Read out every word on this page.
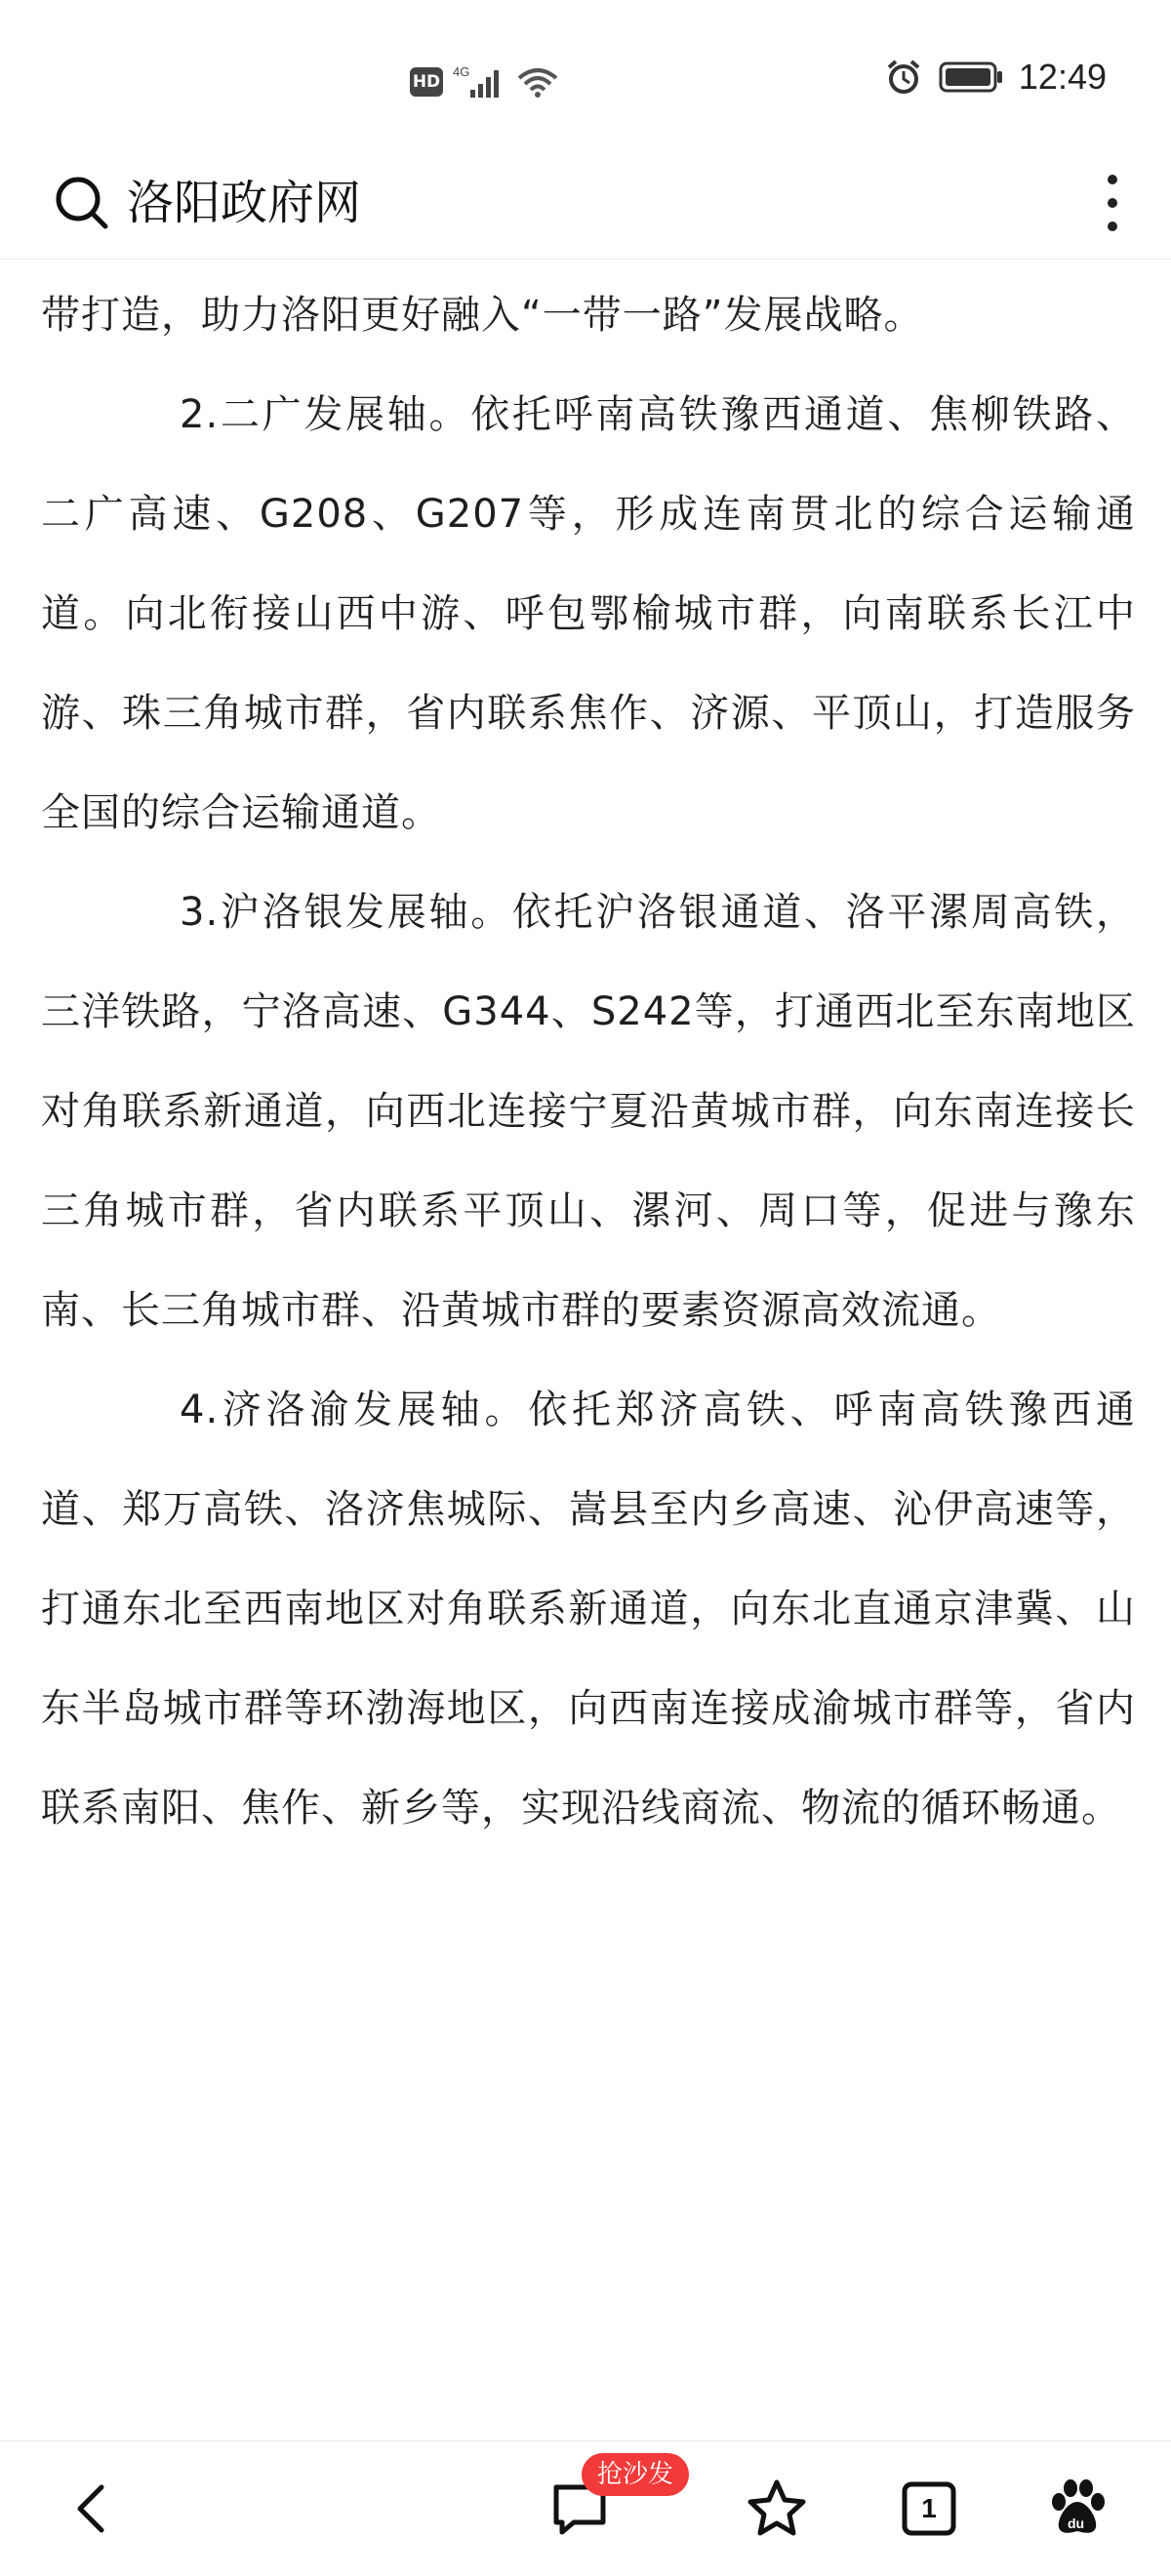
HD
4G	12:49
洛阳政府网

带打造，助力洛阳更好融入“一带一路”发展战略。

2.二广发展轴。依托呼南高铁豫西通道、焦柳铁路、二广高速、G208、G207等，形成连南贯北的综合运输通道。向北衔接山西中游、呼包鄂榆城市群，向南联系长江中游、珠三角城市群，省内联系焦作、济源、平顶山，打造服务全国的综合运输通道。

3.沪洛银发展轴。依托沪洛银通道、洛平漯周高铁，三洋铁路，宁洛高速、G344、S242等，打通西北至东南地区对角联系新通道，向西北连接宁夏沿黄城市群，向东南连接长三角城市群，省内联系平顶山、漯河、周口等，促进与豫东南、长三角城市群、沿黄城市群的要素资源高效流通。

4.济洛渝发展轴。依托郑济高铁、呼南高铁豫西通道、郑万高铁、洛济焦城际、嵩县至内乡高速、沁伊高速等，打通东北至西南地区对角联系新通道，向东北直通京津冀、山东半岛城市群等环渤海地区，向西南连接成渝城市群等，省内联系南阳、焦作、新乡等，实现沿线商流、物流的循环畅通。

抢沙发
1	du
